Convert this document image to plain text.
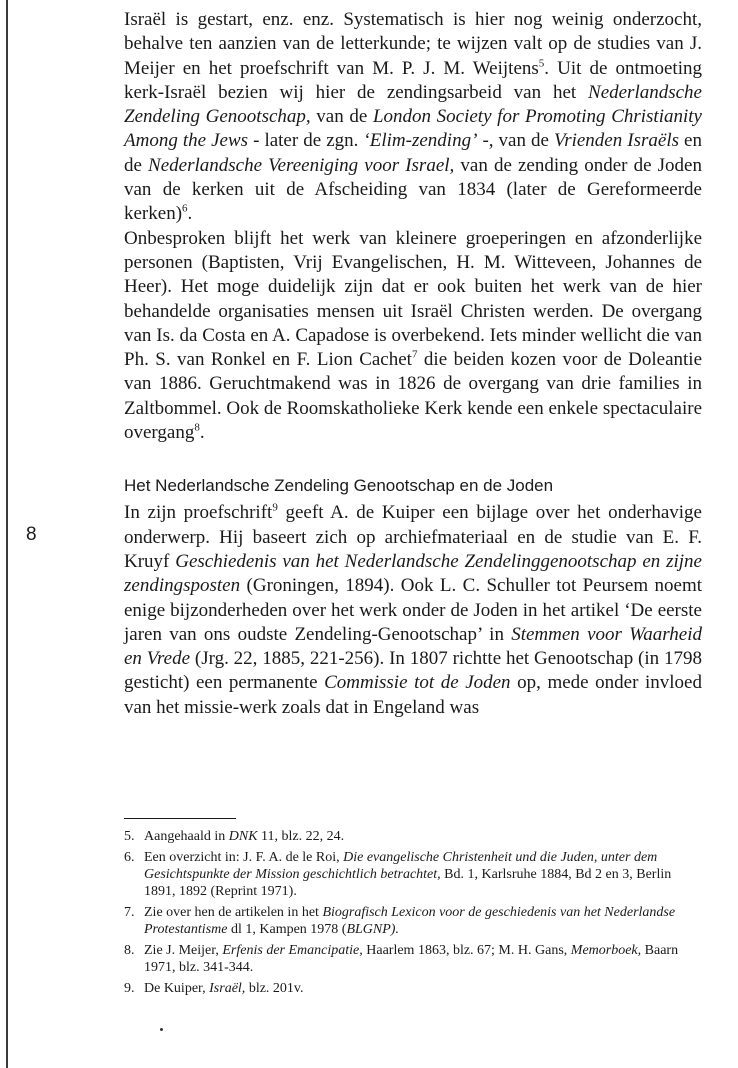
8

Israël is gestart, enz. enz. Systematisch is hier nog weinig onderzocht, behalve ten aanzien van de letterkunde; te wijzen valt op de studies van J. Meijer en het proefschrift van M. P. J. M. Weijtens$^5$. Uit de ontmoeting kerk-Israël bezien wij hier de zendingsarbeid van het Nederlandsche Zendeling Genootschap, van de London Society for Promoting Christianity Among the Jews - later de zgn. ‘Elim-zending’ -, van de Vrienden Israëls en de Nederlandsche Vereeniging voor Israel, van de zending onder de Joden van de kerken uit de Afscheiding van 1834 (later de Gereformeerde kerken)$^6$.

Onbesproken blijft het werk van kleinere groeperingen en afzonderlijke personen (Baptisten, Vrij Evangelischen, H. M. Witteveen, Johannes de Heer). Het moge duidelijk zijn dat er ook buiten het werk van de hier behandelde organisaties mensen uit Israël Christen werden. De overgang van Is. da Costa en A. Capadose is overbekend. Iets minder wellicht die van Ph. S. van Ronkel en F. Lion Cachet$^7$ die beiden kozen voor de Doleantie van 1886. Geruchtmakend was in 1826 de overgang van drie families in Zaltbommel. Ook de Roomskatholieke Kerk kende een enkele spectaculaire overgang$^8$.

Het Nederlandsche Zendeling Genootschap en de Joden

In zijn proefschrift$^9$ geeft A. de Kuiper een bijlage over het onderhavige onderwerp. Hij baseert zich op archiefmateriaal en de studie van E. F. Kruyf Geschiedenis van het Nederlandsche Zendelinggenootschap en zijne zendingsposten (Groningen, 1894). Ook L. C. Schuller tot Peursem noemt enige bijzonderheden over het werk onder de Joden in het artikel ‘De eerste jaren van ons oudste Zendeling-Genootschap’ in Stemmen voor Waarheid en Vrede (Jrg. 22, 1885, 221-256). In 1807 richtte het Genootschap (in 1798 gesticht) een permanente Commissie tot de Joden op, mede onder invloed van het missie-werk zoals dat in Engeland was

5. Aangehaald in DNK 11, blz. 22, 24.
6. Een overzicht in: J. F. A. de le Roi, Die evangelische Christenheit und die Juden, unter dem Gesichtspunkte der Mission geschichtlich betrachtet, Bd. 1, Karlsruhe 1884, Bd 2 en 3, Berlin 1891, 1892 (Reprint 1971).
7. Zie over hen de artikelen in het Biografisch Lexicon voor de geschiedenis van het Nederlandse Protestantisme dl 1, Kampen 1978 (BLGNP).
8. Zie J. Meijer, Erfenis der Emancipatie, Haarlem 1863, blz. 67; M. H. Gans, Memorboek, Baarn 1971, blz. 341-344.
9. De Kuiper, Israël, blz. 201v.
